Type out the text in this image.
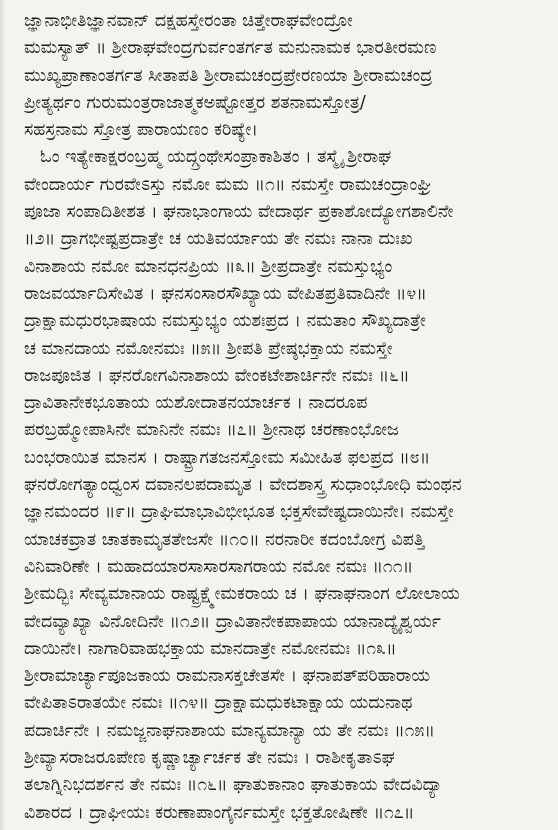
ಜ್ಞಾನಾಭೀತಿಜ್ಞಾನವಾನ್ ದಕ್ಷಹಸ್ತೇರಂತಾ ಚಿತ್ತೇರಾಘವೇಂದ್ರೋ
ಮಮಸ್ಯಾತ್ ॥ ಶ್ರೀರಾಘವೇಂದ್ರಗುರ್ವಂತರ್ಗತ ಮನುನಾಮಕ ಭಾರತೀರಮಣ
ಮುಖ್ಯಪ್ರಾಣಾಂತರ್ಗತ ಸೀತಾಪತಿ ಶ್ರೀರಾಮಚಂದ್ರಪ್ರೇರಣಯಾ ಶ್ರೀರಾಮಚಂದ್ರ
ಪ್ರೀತ್ಯರ್ಥಂ ಗುರುಮಂತ್ರರಾಜಾತ್ಮಕಅಷ್ಟೋತ್ತರ ಶತನಾಮಸ್ತೋತ್ರ/
ಸಹಸ್ರನಾಮ ಸ್ತೋತ್ರ ಪಾರಾಯಣಂ ಕರಿಷ್ಯೇ।
ಓಂ ಇತ್ಯೇಕಾಕ್ಷರಂಬ್ರಹ್ಮ ಯದ್ಗ್ರಂಥೇಸಂಪ್ರಾಕಾಶಿತಂ । ತಸ್ಮೈ ಶ್ರೀರಾಘ
ವೇಂದಾರ್ಯ ಗುರವೇಽಸ್ತು ನಮೋ ಮಮ ॥೧॥ ನಮಸ್ತೇ ರಾಮಚಂದ್ರಾಂಘ್ರಿ
ಪೂಜಾ ಸಂಪಾದಿತೀಶತ । ಘನಾಭಾಂಗಾಯ ವೇದಾರ್ಥ ಪ್ರಕಾಶೋದ್ಯೋಗಶಾಲಿನೇ
॥೨॥ ದ್ರಾಗಭೀಷ್ಟಪ್ರದಾತ್ರೇ ಚ ಯತಿವರ್ಯಾಯ ತೇ ನಮಃ ನಾನಾ ದುಃಖ
ವಿನಾಶಾಯ ನಮೋ ಮಾನಧನಪ್ರಿಯ ॥೩॥ ಶ್ರೀಪ್ರದಾತ್ರೇ ನಮಸ್ತುಭ್ಯಂ
ರಾಜವರ್ಯಾದಿಸೇವಿತ । ಘನಸಂಸಾರಸೌಖ್ಯಾಯ ವೇಪಿತಪ್ರತಿವಾದಿನೇ ॥೪॥
ದ್ರಾಕ್ಷಾಮಧುರಭಾಷಾಯ ನಮಸ್ತುಭ್ಯಂ ಯಶಃಪ್ರದ । ನಮತಾಂ ಸೌಖ್ಯದಾತ್ರೇ
ಚ ಮಾನದಾಯ ನಮೋನಮಃ ॥೫॥ ಶ್ರೀಪತಿ ಪ್ರೇಷ್ಠಭಕ್ತಾಯ ನಮಸ್ತೇ
ರಾಜಪೂಜಿತ । ಘನರೋಗವಿನಾಶಾಯ ವೇಂಕಟೇಶಾರ್ಚಿನೇ ನಮಃ ॥೬॥
ದ್ರಾವಿತಾನೇಕಭೂತಾಯ ಯಶೋದಾತನಯಾರ್ಚಕ । ನಾದರೂಪ
ಪರಬ್ರಹ್ಮೋಪಾಸಿನೇ ಮಾನಿನೇ ನಮಃ ॥೭॥ ಶ್ರೀನಾಥ ಚರಣಾಂಭೋಜ
ಬಂಭರಾಯಿತ ಮಾನಸ । ರಾಷ್ಟ್ರಾಗತಜನಸ್ತೋಮ ಸಮೀಹಿತ ಫಲಪ್ರದ ॥೮॥
ಘನರೋಗತ್ಯಾಂಧ್ವಂಸ ದವಾನಲಪದಾಮೃತ । ವೇದಶಾಸ್ತ್ರ ಸುಧಾಂಭೋಧಿ ಮಂಥನ
ಜ್ಞಾನಮಂದರ ॥೯॥ ದ್ರಾಘಿಮಾಭಾವಿಭೀಭೂತ ಭಕ್ತಸೇವೇಷ್ಟದಾಯಿನೇ। ನಮಸ್ತೇ
ಯಾಚಕವ್ರಾತ ಚಾತಕಾಮೃತತೇಜಸೇ ॥೧೦॥ ನರನಾರೀ ಕದಂಬೋಗ್ರ ವಿಪತ್ತಿ
ವಿನಿವಾರಿಣೇ । ಮಹಾದಯಾರಸಾಸಾರಸಾಗರಾಯ ನಮೋ ನಮಃ ॥೧೧॥
ಶ್ರೀಮದ್ಭಿಃ ಸೇವ್ಯಮಾನಾಯ ರಾಷ್ಟ್ರಕ್ಷ್ಮೇಮಕರಾಯ ಚ । ಘನಾಘನಾಂಗ ಲೋಲಾಯ
ವೇದವ್ಯಾಖ್ಯಾ ವಿನೋದಿನೇ ॥೧೨॥ ದ್ರಾವಿತಾನೇಕಪಾಪಾಯ ಯಾನಾದ್ಯೈಶ್ವರ್ಯ
ದಾಯಿನೇ। ನಾಗಾರಿವಾಹಭಕ್ತಾಯ ಮಾನದಾತ್ರೇ ನಮೋನಮಃ ॥೧೩॥
ಶ್ರೀರಾಮಾರ್ಚ್ಯಾಪೂಜಕಾಯ ರಾಮನಾಸಕ್ತಚೇತಸೇ । ಘನಾಪತ್‍ಪರಿಹಾರಾಯ
ವೇಪಿತಾಽರಾತಯೇ ನಮಃ ॥೧೪॥ ದ್ರಾಕ್ಷಾಮಧುಕಟಾಕ್ಷಾಯ ಯದುನಾಥ
ಪದಾರ್ಚಿನೇ । ನಮಜ್ಜನಾಘನಾಶಾಯ ಮಾನ್ಯಮಾನ್ಯಾ ಯ ತೇ ನಮಃ ॥೧೫॥
ಶ್ರೀವ್ಯಾಸರಾಜರೂಪೇಣ ಕೃಷ್ಣಾರ್ಚ್ಯಾರ್ಚಕ ತೇ ನಮಃ । ರಾಶೀಕೃತಾಽಘ
ತಲಾಗ್ನಿನಿಭದರ್ಶನ ತೇ ನಮಃ ॥೧೬॥ ಘಾತುಕಾನಾಂ ಘಾತುಕಾಯ ವೇದವಿದ್ಯಾ
ವಿಶಾರದ । ದ್ರಾಘೀಯಃ ಕರುಣಾಪಾಂಗೈರ್ನಮಸ್ತೇ ಭಕ್ತತೋಷಿಣೇ ॥೧೭॥
